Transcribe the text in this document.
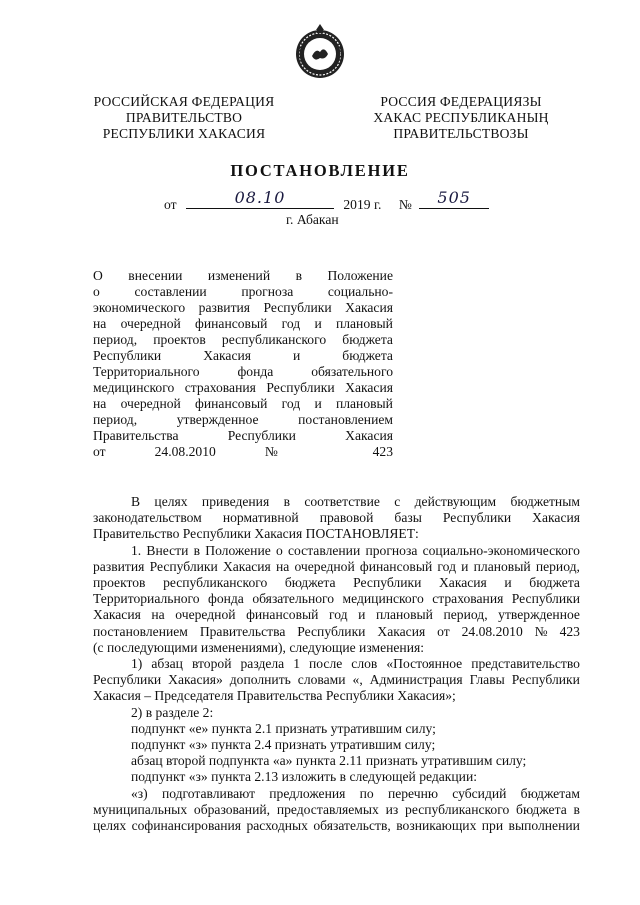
РОССИЙСКАЯ ФЕДЕРАЦИЯ
ПРАВИТЕЛЬСТВО
РЕСПУБЛИКИ ХАКАСИЯ
РОССИЯ ФЕДЕРАЦИЯЗЫ
ХАКАС РЕСПУБЛИКАНЫҢ
ПРАВИТЕЛЬСТВОЗЫ
ПОСТАНОВЛЕНИЕ
от	08.10	2019 г. № 505
г. Абакан
О внесении изменений в Положение
о	составлении	прогноза	социально-
экономического развития Республики Хакасия
на очередной финансовый год и плановый
период, проектов республиканского бюджета
Республики	Хакасия	и	бюджета
Территориального	фонда	обязательного
медицинского страхования Республики Хакасия
на очередной финансовый год и плановый
период,	утвержденное	постановлением
Правительства	Республики	Хакасия
от 24.08.2010 № 423
В целях приведения в соответствие с действующим бюджетным
законодательством нормативной правовой базы Республики Хакасия
Правительство Республики Хакасия ПОСТАНОВЛЯЕТ:
1. Внести в Положение о составлении прогноза социально-экономического
развития Республики Хакасия на очередной финансовый год и плановый период,
проектов республиканского бюджета Республики Хакасия и бюджета
Территориального фонда обязательного медицинского страхования Республики
Хакасия на очередной финансовый год и плановый период, утвержденное
постановлением Правительства Республики Хакасия от 24.08.2010 № 423
(с последующими изменениями), следующие изменения:
1) абзац второй раздела 1 после слов «Постоянное представительство
Республики Хакасия» дополнить словами «, Администрация Главы Республики
Хакасия – Председателя Правительства Республики Хакасия»;
2) в разделе 2:
подпункт «е» пункта 2.1 признать утратившим силу;
подпункт «з» пункта 2.4 признать утратившим силу;
абзац второй подпункта «а» пункта 2.11 признать утратившим силу;
подпункт «з» пункта 2.13 изложить в следующей редакции:
«з) подготавливают предложения по перечню субсидий бюджетам
муниципальных образований, предоставляемых из республиканского бюджета в
целях софинансирования расходных обязательств, возникающих при выполнении
